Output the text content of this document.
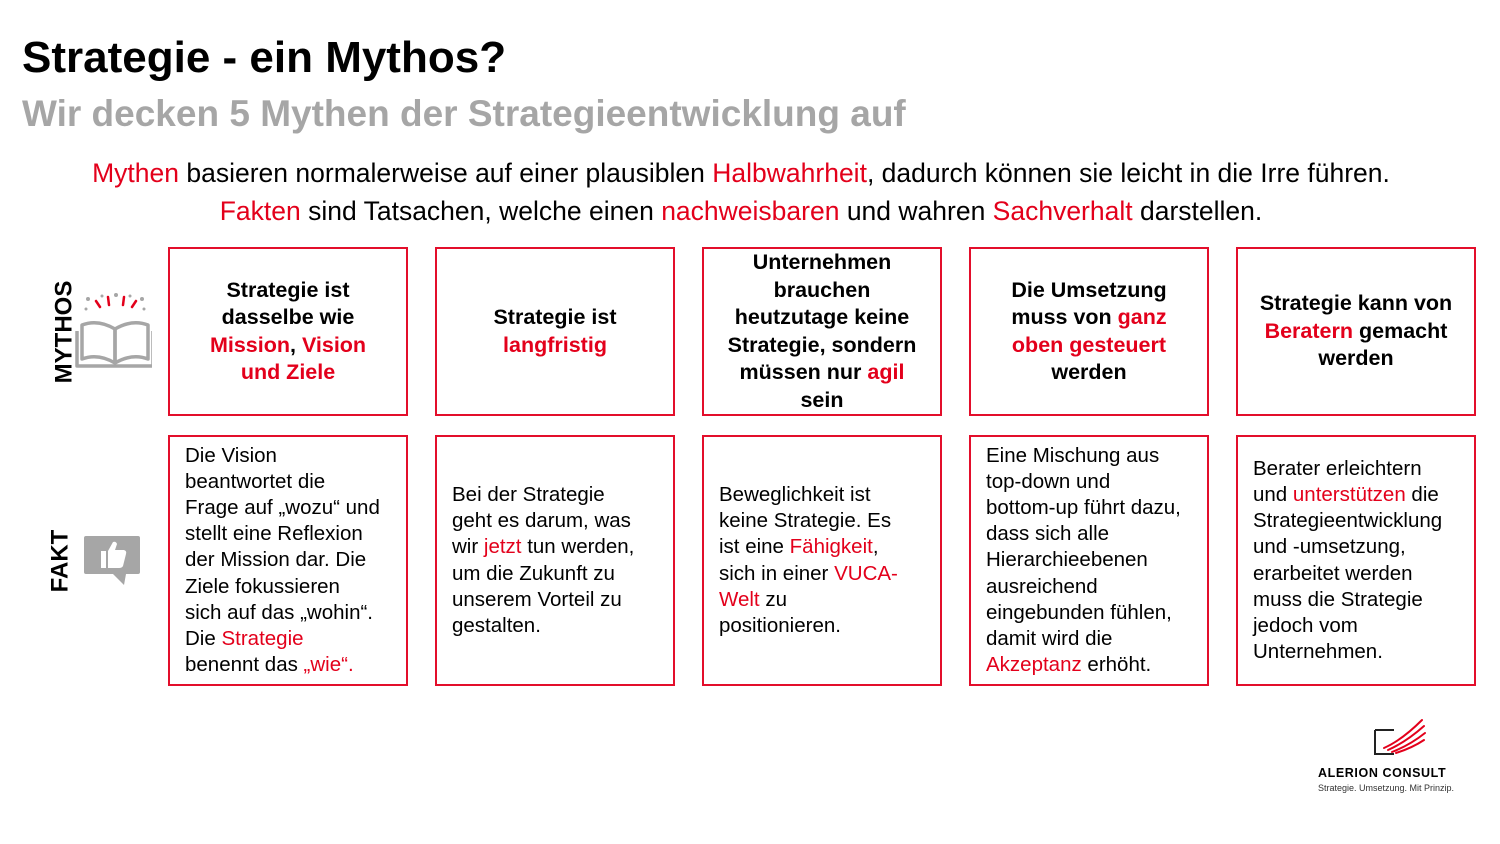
Strategie - ein Mythos?
Wir decken 5 Mythen der Strategieentwicklung auf
Mythen basieren normalerweise auf einer plausiblen Halbwahrheit, dadurch können sie leicht in die Irre führen.
Fakten sind Tatsachen, welche einen nachweisbaren und wahren Sachverhalt darstellen.
MYTHOS
FAKT
Strategie ist
dasselbe wie
Mission, Vision
und Ziele
Strategie ist
langfristig
Unternehmen
brauchen
heutzutage keine
Strategie, sondern
müssen nur agil
sein
Die Umsetzung
muss von ganz
oben gesteuert
werden
Strategie kann von
Beratern gemacht
werden
Die Vision
beantwortet die
Frage auf „wozu“ und
stellt eine Reflexion
der Mission dar. Die
Ziele fokussieren
sich auf das „wohin“.
Die Strategie
benennt das „wie“.
Bei der Strategie
geht es darum, was
wir jetzt tun werden,
um die Zukunft zu
unserem Vorteil zu
gestalten.
Beweglichkeit ist
keine Strategie. Es
ist eine Fähigkeit,
sich in einer VUCA-
Welt zu
positionieren.
Eine Mischung aus
top-down und
bottom-up führt dazu,
dass sich alle
Hierarchieebenen
ausreichend
eingebunden fühlen,
damit wird die
Akzeptanz erhöht.
Berater erleichtern
und unterstützen die
Strategieentwicklung
und -umsetzung,
erarbeitet werden
muss die Strategie
jedoch vom
Unternehmen.
ALERION CONSULT
Strategie. Umsetzung. Mit Prinzip.
